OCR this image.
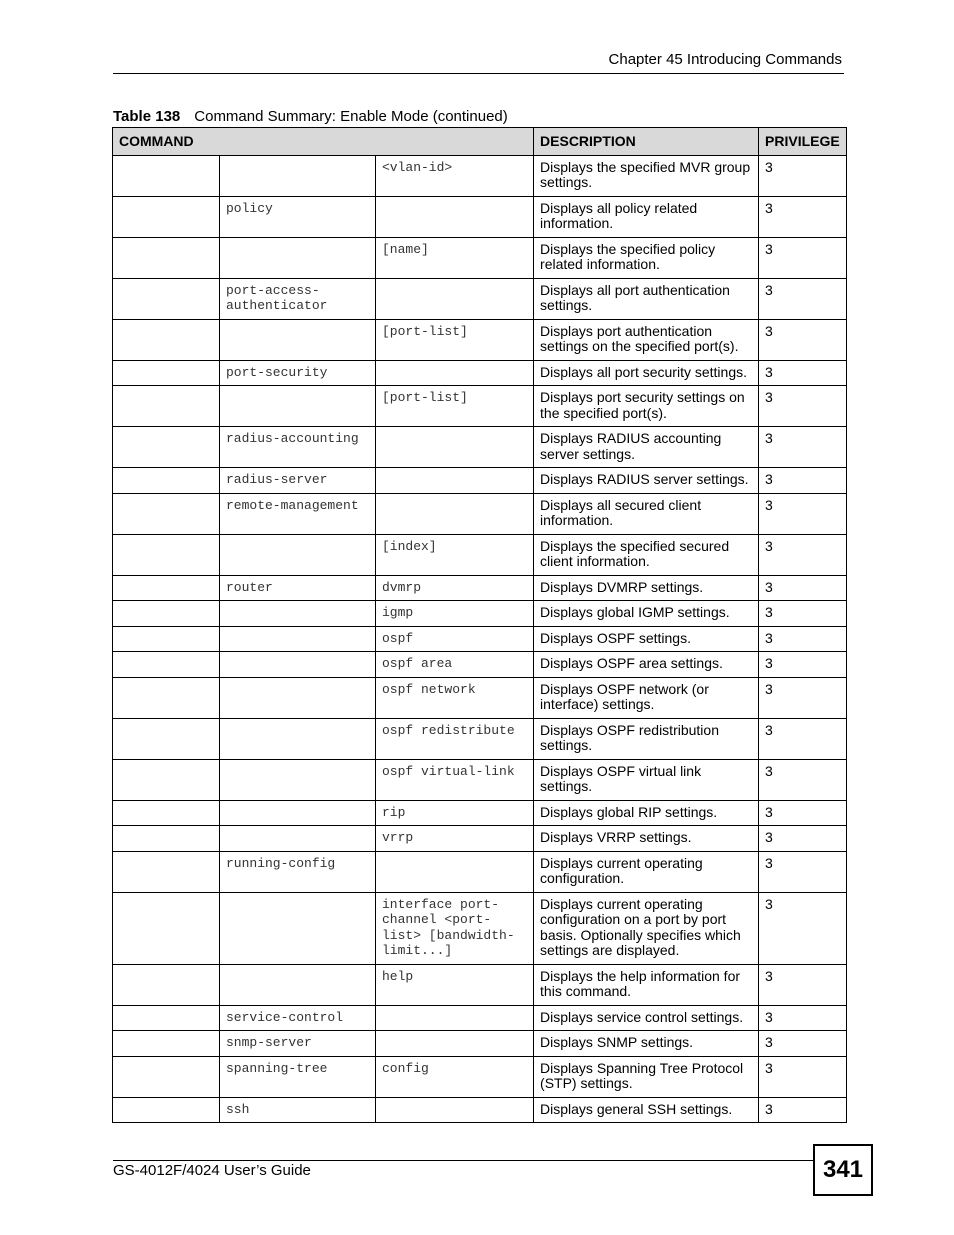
Chapter 45 Introducing Commands
Table 138 Command Summary: Enable Mode (continued)
COMMAND			DESCRIPTION	PRIVILEGE
		<vlan-id>	Displays the specified MVR group settings.	3
	policy		Displays all policy related information.	3
		[name]	Displays the specified policy related information.	3
	port-access-authenticator		Displays all port authentication settings.	3
		[port-list]	Displays port authentication settings on the specified port(s).	3
	port-security		Displays all port security settings.	3
		[port-list]	Displays port security settings on the specified port(s).	3
	radius-accounting		Displays RADIUS accounting server settings.	3
	radius-server		Displays RADIUS server settings.	3
	remote-management		Displays all secured client information.	3
		[index]	Displays the specified secured client information.	3
	router	dvmrp	Displays DVMRP settings.	3
		igmp	Displays global IGMP settings.	3
		ospf	Displays OSPF settings.	3
		ospf area	Displays OSPF area settings.	3
		ospf network	Displays OSPF network (or interface) settings.	3
		ospf redistribute	Displays OSPF redistribution settings.	3
		ospf virtual-link	Displays OSPF virtual link settings.	3
		rip	Displays global RIP settings.	3
		vrrp	Displays VRRP settings.	3
	running-config		Displays current operating configuration.	3
		interface port-channel <port-list> [bandwidth-limit...]	Displays current operating configuration on a port by port basis. Optionally specifies which settings are displayed.	3
		help	Displays the help information for this command.	3
	service-control		Displays service control settings.	3
	snmp-server		Displays SNMP settings.	3
	spanning-tree	config	Displays Spanning Tree Protocol (STP) settings.	3
	ssh		Displays general SSH settings.	3
GS-4012F/4024 User’s Guide	341
